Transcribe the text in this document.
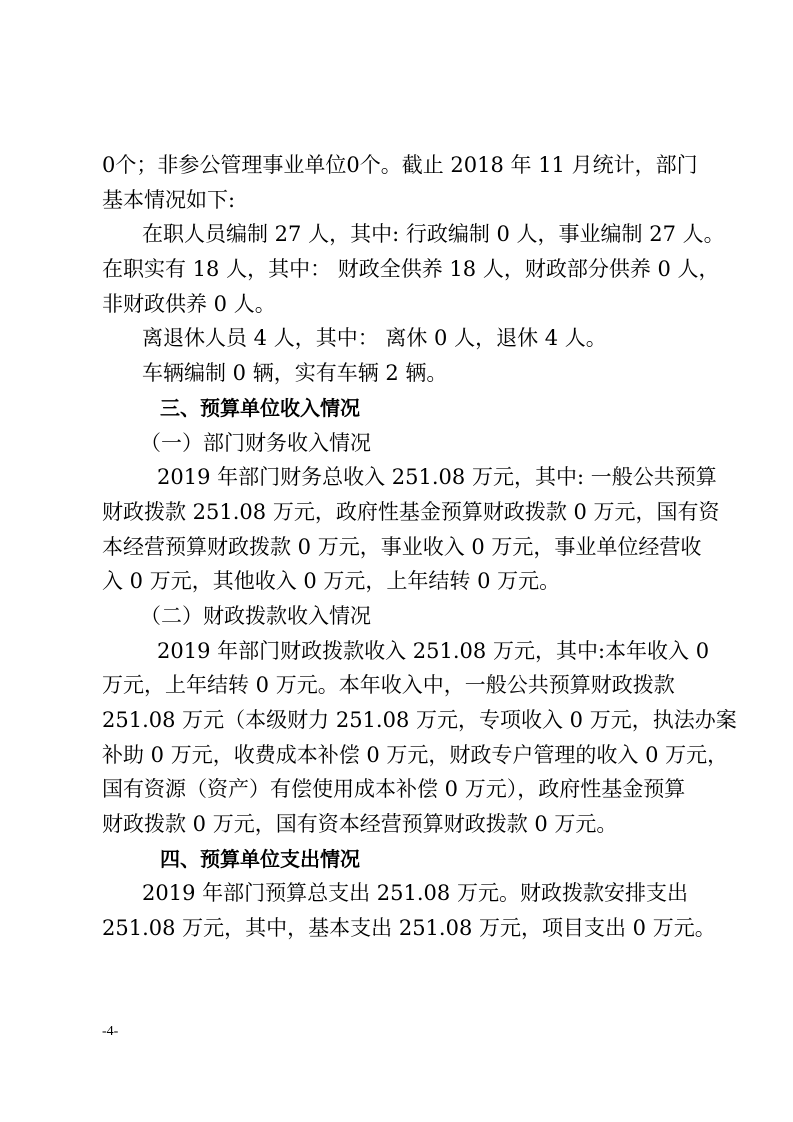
0个；非参公管理事业单位0个。截止 2018 年 11 月统计，部门
基本情况如下:
在职人员编制 27 人，其中: 行政编制 0 人，事业编制 27 人。
在职实有 18 人，其中： 财政全供养 18 人，财政部分供养 0 人，
非财政供养 0 人。
离退休人员 4 人，其中： 离休 0 人，退休 4 人。
车辆编制 0 辆，实有车辆 2 辆。
三、预算单位收入情况
（一）部门财务收入情况
2019 年部门财务总收入 251.08 万元，其中: 一般公共预算
财政拨款 251.08 万元，政府性基金预算财政拨款 0 万元，国有资
本经营预算财政拨款 0 万元，事业收入 0 万元，事业单位经营收
入 0 万元，其他收入 0 万元，上年结转 0 万元。
（二）财政拨款收入情况
2019 年部门财政拨款收入 251.08 万元，其中:本年收入 0
万元，上年结转 0 万元。本年收入中，一般公共预算财政拨款
251.08 万元（本级财力 251.08 万元，专项收入 0 万元，执法办案
补助 0 万元，收费成本补偿 0 万元，财政专户管理的收入 0 万元，
国有资源（资产）有偿使用成本补偿 0 万元），政府性基金预算
财政拨款 0 万元，国有资本经营预算财政拨款 0 万元。
四、预算单位支出情况
2019 年部门预算总支出 251.08 万元。财政拨款安排支出
251.08 万元，其中，基本支出 251.08 万元，项目支出 0 万元。
-4-
